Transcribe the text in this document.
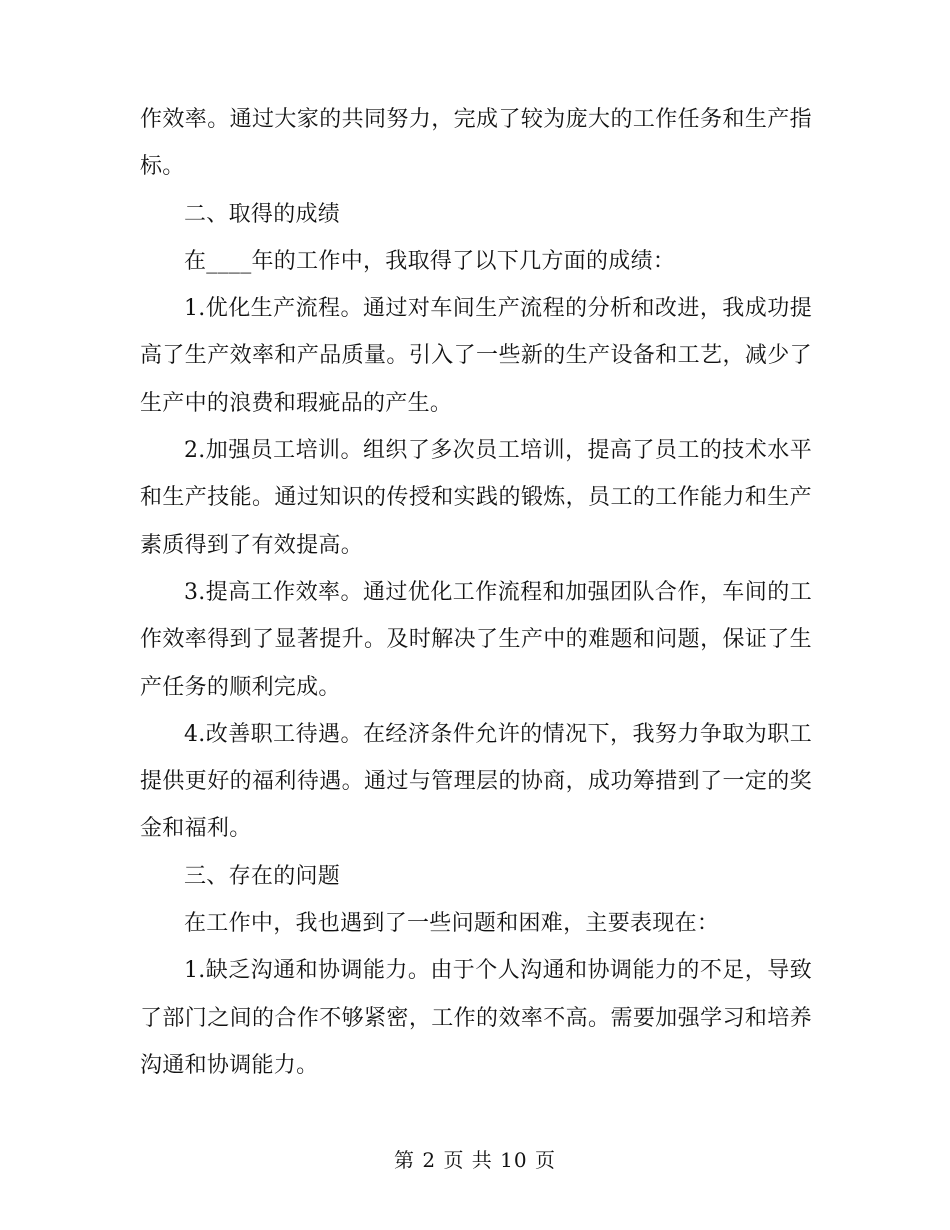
作效率。通过大家的共同努力，完成了较为庞大的工作任务和生产指标。

二、取得的成绩

在____年的工作中，我取得了以下几方面的成绩：

1.优化生产流程。通过对车间生产流程的分析和改进，我成功提高了生产效率和产品质量。引入了一些新的生产设备和工艺，减少了生产中的浪费和瑕疵品的产生。

2.加强员工培训。组织了多次员工培训，提高了员工的技术水平和生产技能。通过知识的传授和实践的锻炼，员工的工作能力和生产素质得到了有效提高。

3.提高工作效率。通过优化工作流程和加强团队合作，车间的工作效率得到了显著提升。及时解决了生产中的难题和问题，保证了生产任务的顺利完成。

4.改善职工待遇。在经济条件允许的情况下，我努力争取为职工提供更好的福利待遇。通过与管理层的协商，成功筹措到了一定的奖金和福利。

三、存在的问题

在工作中，我也遇到了一些问题和困难，主要表现在：

1.缺乏沟通和协调能力。由于个人沟通和协调能力的不足，导致了部门之间的合作不够紧密，工作的效率不高。需要加强学习和培养沟通和协调能力。

第 2 页 共 10 页
